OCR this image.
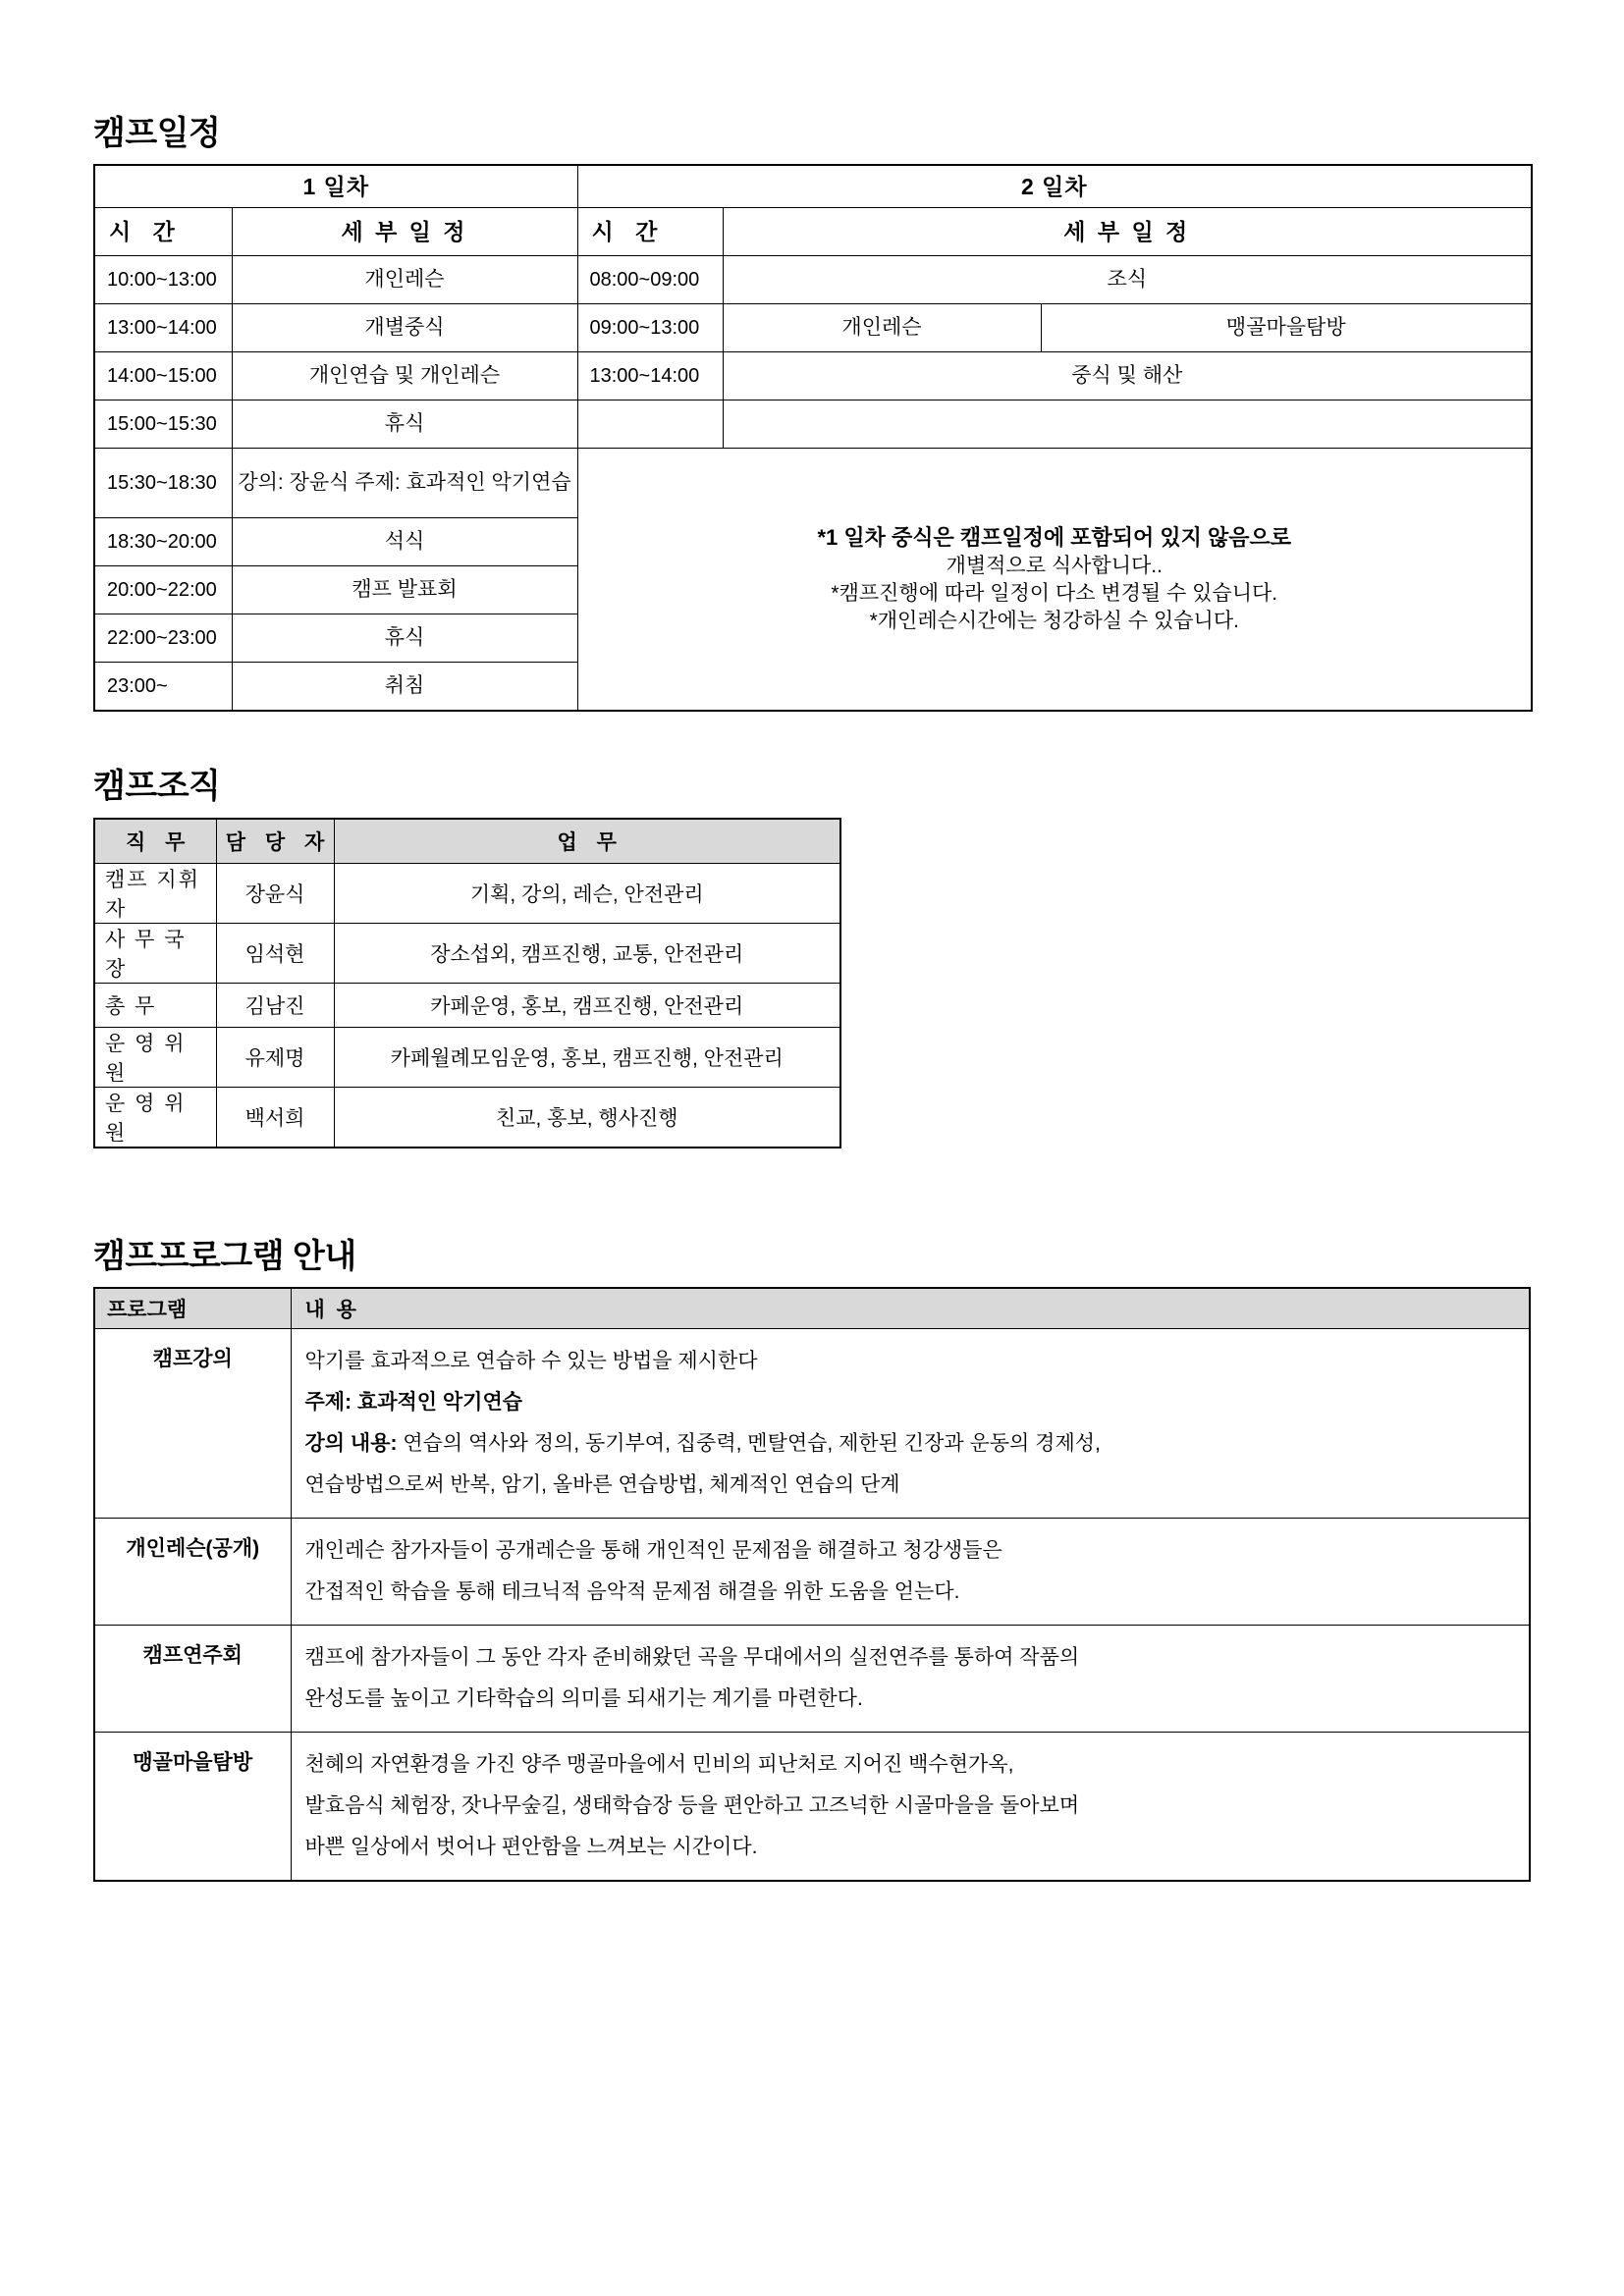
캠프일정
1 일차		2 일차		
시 간	세 부 일 정	시 간	세 부 일 정	
10:00~13:00	개인레슨	08:00~09:00	조식	
13:00~14:00	개별중식	09:00~13:00	개인레슨	맹골마을탐방
14:00~15:00	개인연습 및 개인레슨	13:00~14:00	중식 및 해산	
15:00~15:30	휴식			
15:30~18:30	강의: 장윤식 주제: 효과적인 악기연습	*1 일차 중식은 캠프일정에 포함되어 있지 않음으로
개별적으로 식사합니다..
*캠프진행에 따라 일정이 다소 변경될 수 있습니다.
*개인레슨시간에는 청강하실 수 있습니다.		

18:30~20:00	석식			
20:00~22:00	캠프 발표회			
22:00~23:00	휴식			
23:00~	취침			
캠프조직
직 무	담 당 자	업 무
캠프 지휘자	장윤식	기획, 강의, 레슨, 안전관리
사 무 국 장	임석현	장소섭외, 캠프진행, 교통, 안전관리
총 무	김남진	카페운영, 홍보, 캠프진행, 안전관리
운 영 위 원	유제명	카페월례모임운영, 홍보, 캠프진행, 안전관리
운 영 위 원	백서희	친교, 홍보, 행사진행
캠프프로그램 안내
프로그램	내 용
캠프강의	악기를 효과적으로 연습하 수 있는 방법을 제시한다
주제: 효과적인 악기연습
강의 내용: 연습의 역사와 정의, 동기부여, 집중력, 멘탈연습, 제한된 긴장과 운동의 경제성,
연습방법으로써 반복, 암기, 올바른 연습방법, 체계적인 연습의 단계

개인레슨(공개)	개인레슨 참가자들이 공개레슨을 통해 개인적인 문제점을 해결하고 청강생들은
간접적인 학습을 통해 테크닉적 음악적 문제점 해결을 위한 도움을 얻는다.

캠프연주회	캠프에 참가자들이 그 동안 각자 준비해왔던 곡을 무대에서의 실전연주를 통하여 작품의
완성도를 높이고 기타학습의 의미를 되새기는 계기를 마련한다.

맹골마을탐방	천혜의 자연환경을 가진 양주 맹골마을에서 민비의 피난처로 지어진 백수현가옥,
발효음식 체험장, 잣나무숲길, 생태학습장 등을 편안하고 고즈넉한 시골마을을 돌아보며
바쁜 일상에서 벗어나 편안함을 느껴보는 시간이다.
